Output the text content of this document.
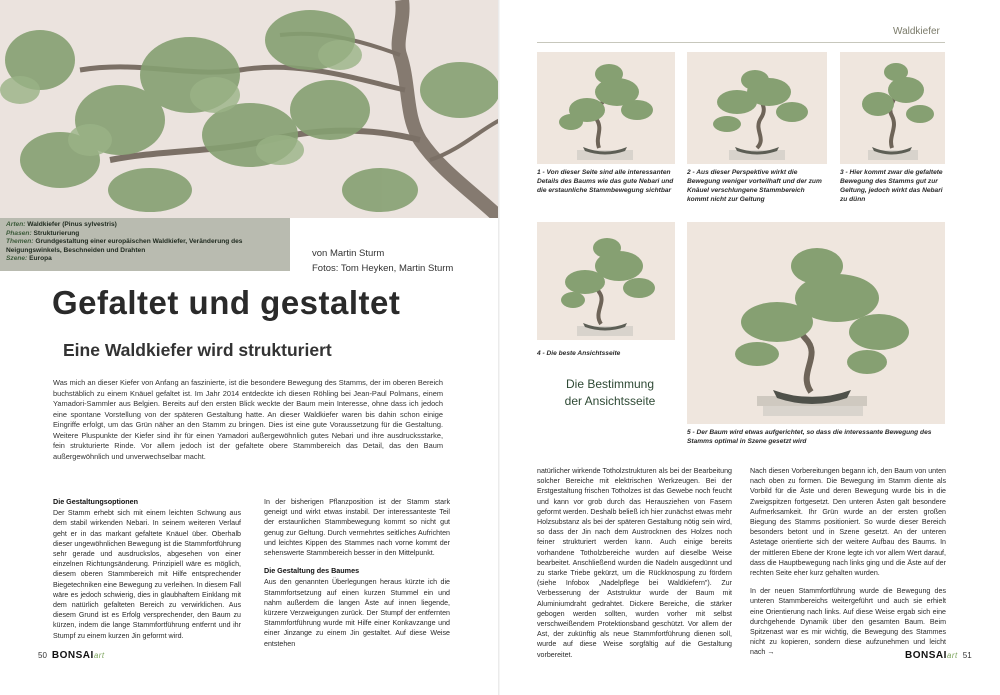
Arten: Waldkiefer (Pinus sylvestris)
Phasen: Strukturierung
Themen: Grundgestaltung einer europäischen Waldkiefer, Veränderung des Neigungswinkels, Beschneiden und Drahten
Szene: Europa	von Martin Sturm
Fotos: Tom Heyken, Martin Sturm
Gefaltet und gestaltet
Eine Waldkiefer wird strukturiert

Was mich an dieser Kiefer von Anfang an faszinierte, ist die besondere Bewegung des Stamms, der im oberen Bereich buchstäblich zu einem Knäuel gefaltet ist. Im Jahr 2014 entdeckte ich diesen Röhling bei Jean-Paul Polmans, einem Yamadori-Sammler aus Belgien. Bereits auf den ersten Blick weckte der Baum mein Interesse, ohne dass ich jedoch eine spontane Vorstellung von der späteren Gestaltung hatte. An dieser Waldkiefer waren bis dahin schon einige Eingriffe erfolgt, um das Grün näher an den Stamm zu bringen. Dies ist eine gute Voraussetzung für die Gestaltung. Weitere Pluspunkte der Kiefer sind ihr für einen Yamadori außergewöhnlich gutes Nebari und ihre ausdrucksstarke, fein strukturierte Rinde. Vor allem jedoch ist der gefaltete obere Stammbereich das Detail, das den Baum außergewöhnlich und unverwechselbar macht.

Die Gestaltungsoptionen

Der Stamm erhebt sich mit einem leichten Schwung aus dem stabil wirkenden Nebari. In seinem weiteren Verlauf geht er in das markant gefaltete Knäuel über. Oberhalb dieser ungewöhnlichen Bewegung ist die Stammfortführung sehr gerade und ausdruckslos, abgesehen von einer einzelnen Richtungsänderung. Prinzipiell wäre es möglich, diesem oberen Stammbereich mit Hilfe entsprechender Biegetechniken eine Bewegung zu verleihen. In diesem Fall wäre es jedoch schwierig, dies in glaubhaftem Einklang mit dem natürlich gefalteten Bereich zu verwirklichen. Aus diesem Grund ist es Erfolg versprechender, den Baum zu kürzen, indem die lange Stammfortführung entfernt und ihr Stumpf zu einem kurzen Jin geformt wird.

In der bisherigen Pflanzposition ist der Stamm stark geneigt und wirkt etwas instabil. Der interessanteste Teil der erstaunlichen Stammbewegung kommt so nicht gut genug zur Geltung. Durch vermehrtes seitliches Aufrichten und leichtes Kippen des Stammes nach vorne kommt der sehenswerte Stammbereich besser in den Mittelpunkt.

Die Gestaltung des Baumes

Aus den genannten Überlegungen heraus kürzte ich die Stammfortsetzung auf einen kurzen Stummel ein und nahm außerdem die langen Äste auf innen liegende, kürzere Verzweigungen zurück. Der Stumpf der entfernten Stammfortführung wurde mit Hilfe einer Konkavzange und einer Jinzange zu einem Jin gestaltet. Auf diese Weise entstehen

50 BONSAIart
Waldkiefer
1 - Von dieser Seite sind alle interessanten Details des Baums wie das gute Nebari und die erstaunliche Stammbewegung sichtbar
2 - Aus dieser Perspektive wirkt die Bewegung weniger vorteilhaft und der zum Knäuel verschlungene Stammbereich kommt nicht zur Geltung
3 - Hier kommt zwar die gefaltete Bewegung des Stamms gut zur Geltung, jedoch wirkt das Nebari zu dünn
4 - Die beste Ansichtsseite
5 - Der Baum wird etwas aufgerichtet, so dass die interessante Bewegung des Stamms optimal in Szene gesetzt wird
Die Bestimmung
der Ansichtsseite

natürlicher wirkende Totholzstrukturen als bei der Bearbeitung solcher Bereiche mit elektrischen Werkzeugen. Bei der Erstgestaltung frischen Totholzes ist das Gewebe noch feucht und kann vor grob durch das Herausziehen von Fasern geformt werden. Deshalb beließ ich hier zunächst etwas mehr Holzsubstanz als bei der späteren Gestaltung nötig sein wird, so dass der Jin nach dem Austrocknen des Holzes noch feiner strukturiert werden kann. Auch einige bereits vorhandene Totholzbereiche wurden auf dieselbe Weise bearbeitet. Anschließend wurden die Nadeln ausgedünnt und zu starke Triebe gekürzt, um die Rückknospung zu fördern (siehe Infobox „Nadelpflege bei Waldkiefern"). Zur Verbesserung der Aststruktur wurde der Baum mit Aluminiumdraht gedrahtet. Dickere Bereiche, die stärker gebogen werden sollten, wurden vorher mit selbst verschweißendem Protektionsband geschützt. Vor allem der Ast, der zukünftig als neue Stammfortführung dienen soll, wurde auf diese Weise sorgfältig auf die Gestaltung vorbereitet.

Nach diesen Vorbereitungen begann ich, den Baum von unten nach oben zu formen. Die Bewegung im Stamm diente als Vorbild für die Äste und deren Bewegung wurde bis in die Zweigspitzen fortgesetzt. Den unteren Ästen galt besondere Aufmerksamkeit. Ihr Grün wurde an der ersten großen Biegung des Stamms positioniert. So wurde dieser Bereich besonders betont und in Szene gesetzt. An der unteren Astetage orientierte sich der weitere Aufbau des Baums. In der mittleren Ebene der Krone legte ich vor allem Wert darauf, dass die Hauptbewegung nach links ging und die Äste auf der rechten Seite eher kurz gehalten wurden.

In der neuen Stammfortführung wurde die Bewegung des unteren Stammbereichs weitergeführt und auch sie erhielt eine Orientierung nach links. Auf diese Weise ergab sich eine durchgehende Dynamik über den gesamten Baum. Beim Spitzenast war es mir wichtig, die Bewegung des Stammes nicht zu kopieren, sondern diese aufzunehmen und leicht nach →	BONSAIart 51
